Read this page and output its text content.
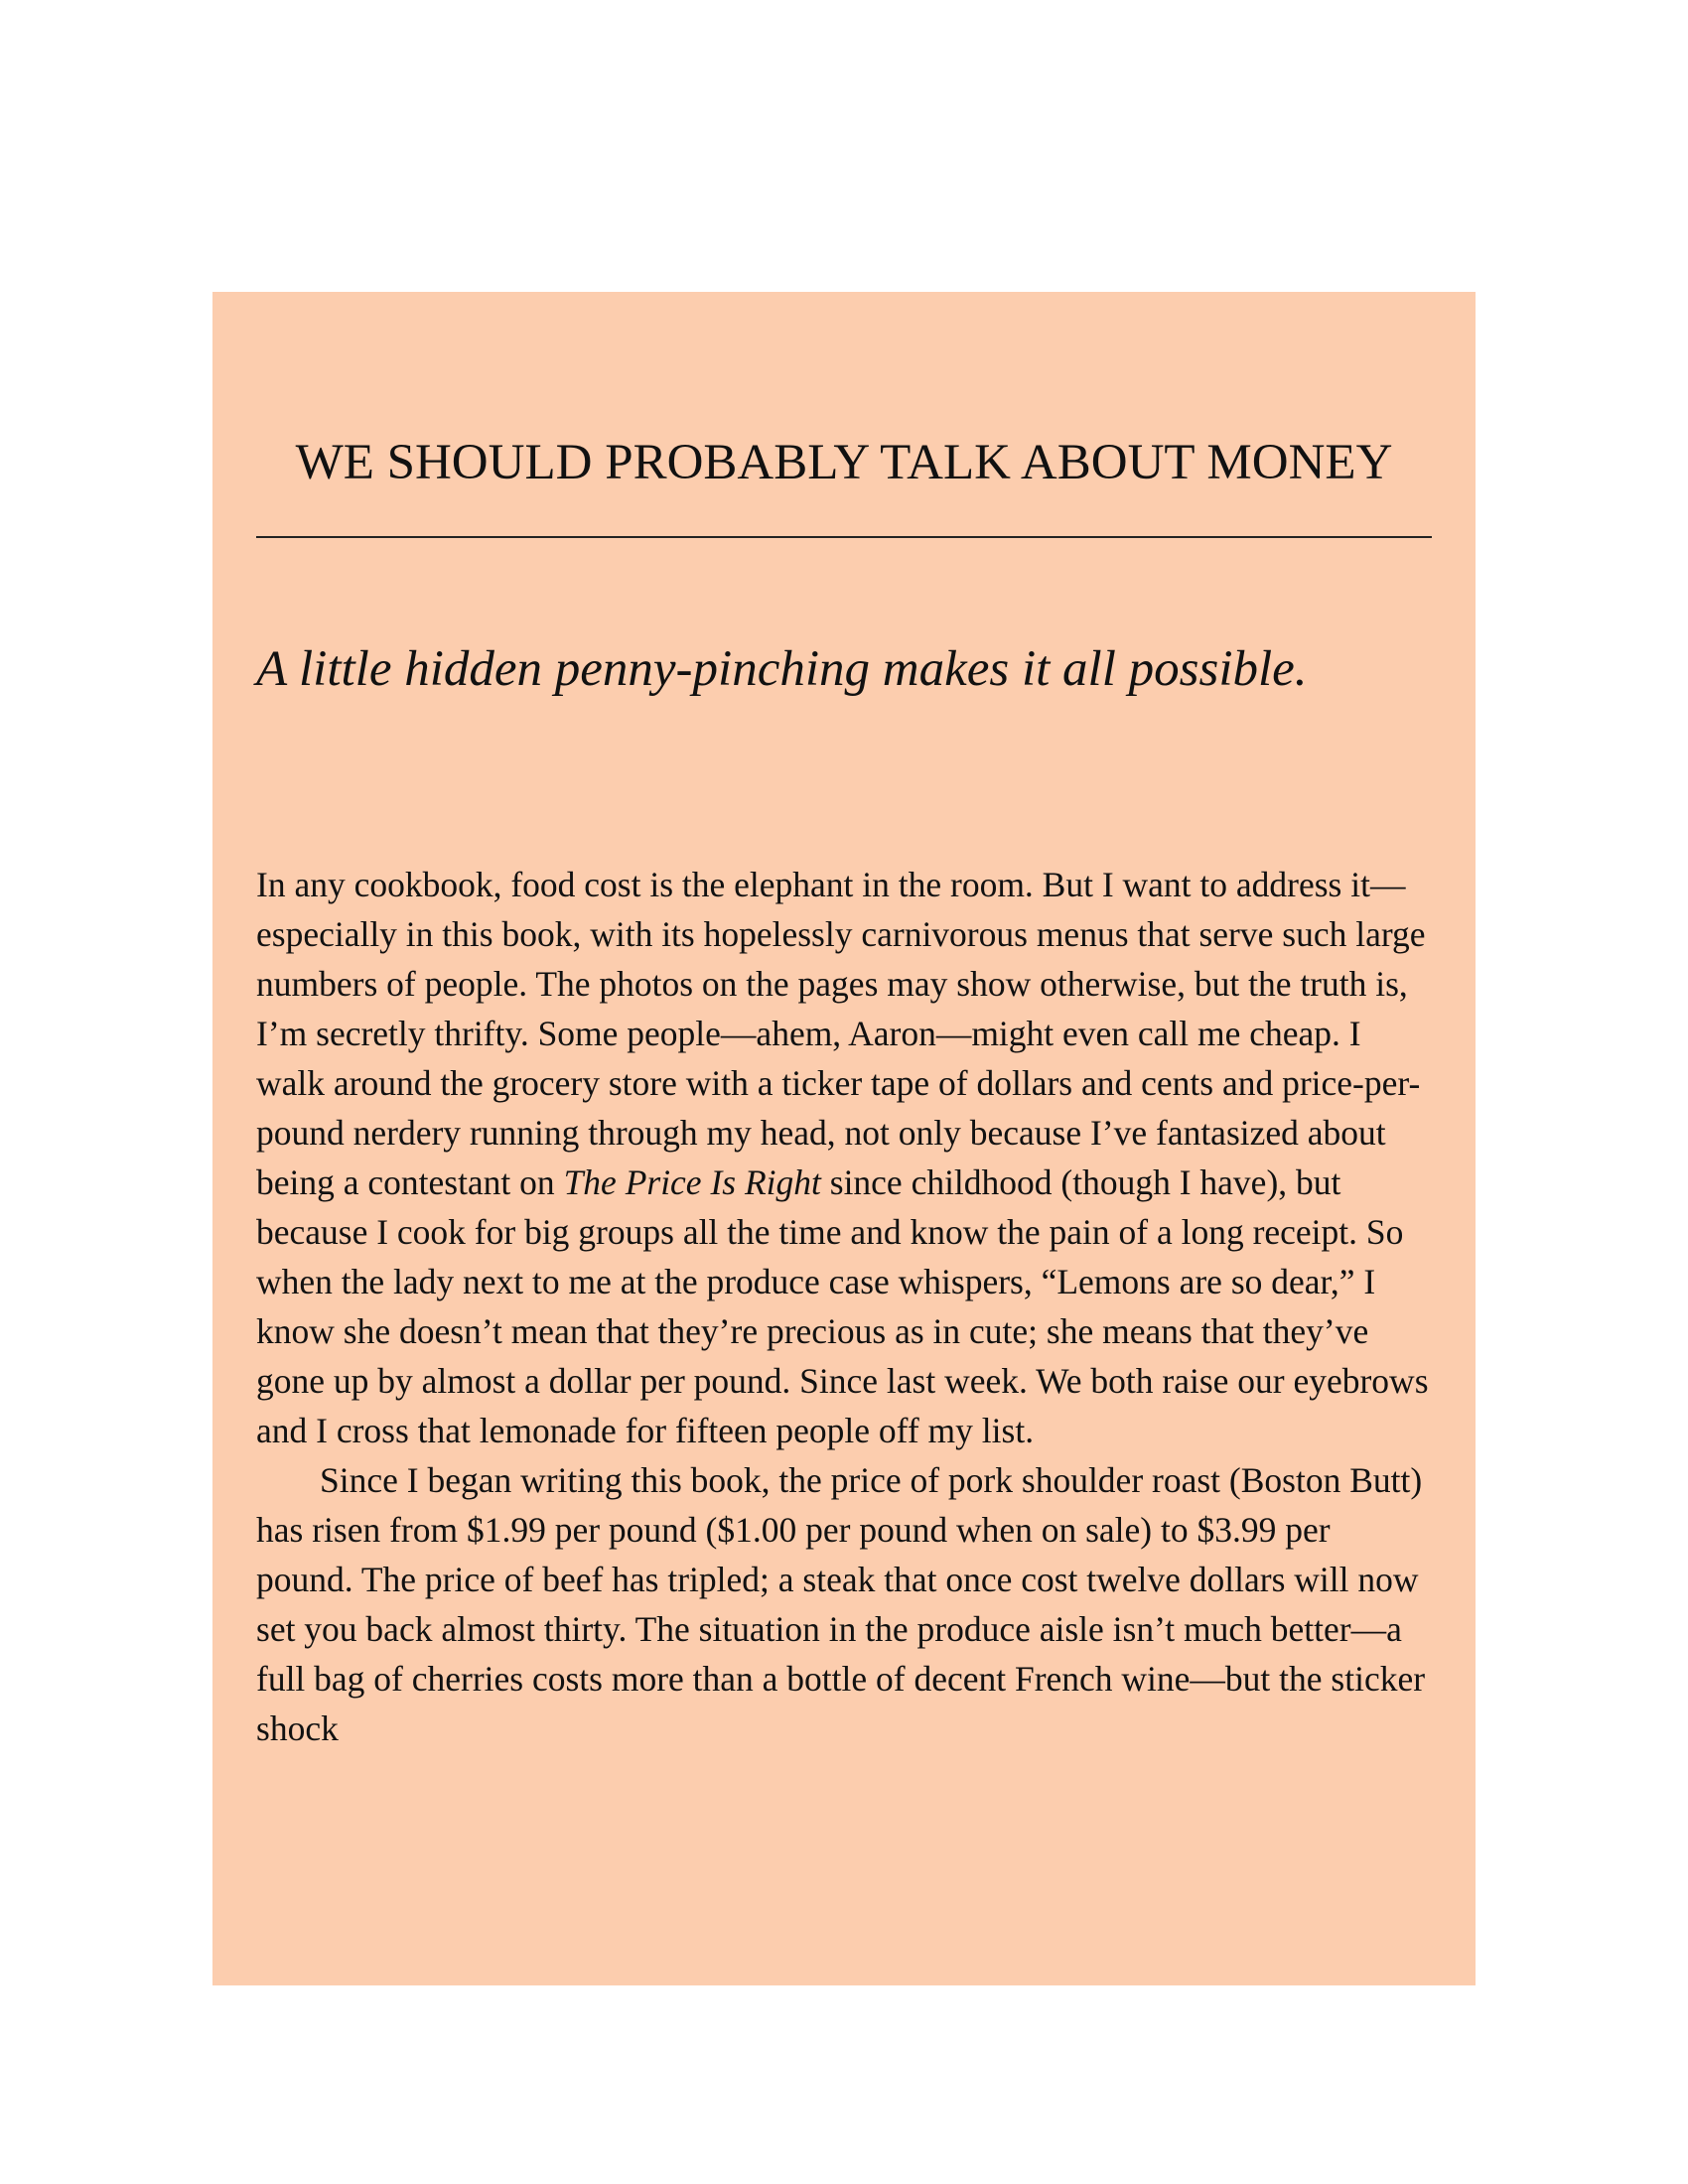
WE SHOULD PROBABLY TALK ABOUT MONEY
A little hidden penny-pinching makes it all possible.

In any cookbook, food cost is the elephant in the room. But I want to address it—especially in this book, with its hopelessly carnivorous menus that serve such large numbers of people. The photos on the pages may show otherwise, but the truth is, I’m secretly thrifty. Some people—ahem, Aaron—might even call me cheap. I walk around the grocery store with a ticker tape of dollars and cents and price-per-pound nerdery running through my head, not only because I’ve fantasized about being a contestant on The Price Is Right since childhood (though I have), but because I cook for big groups all the time and know the pain of a long receipt. So when the lady next to me at the produce case whispers, “Lemons are so dear,” I know she doesn’t mean that they’re precious as in cute; she means that they’ve gone up by almost a dollar per pound. Since last week. We both raise our eyebrows and I cross that lemonade for fifteen people off my list.

Since I began writing this book, the price of pork shoulder roast (Boston Butt) has risen from $1.99 per pound ($1.00 per pound when on sale) to $3.99 per pound. The price of beef has tripled; a steak that once cost twelve dollars will now set you back almost thirty. The situation in the produce aisle isn’t much better—a full bag of cherries costs more than a bottle of decent French wine—but the sticker shock
